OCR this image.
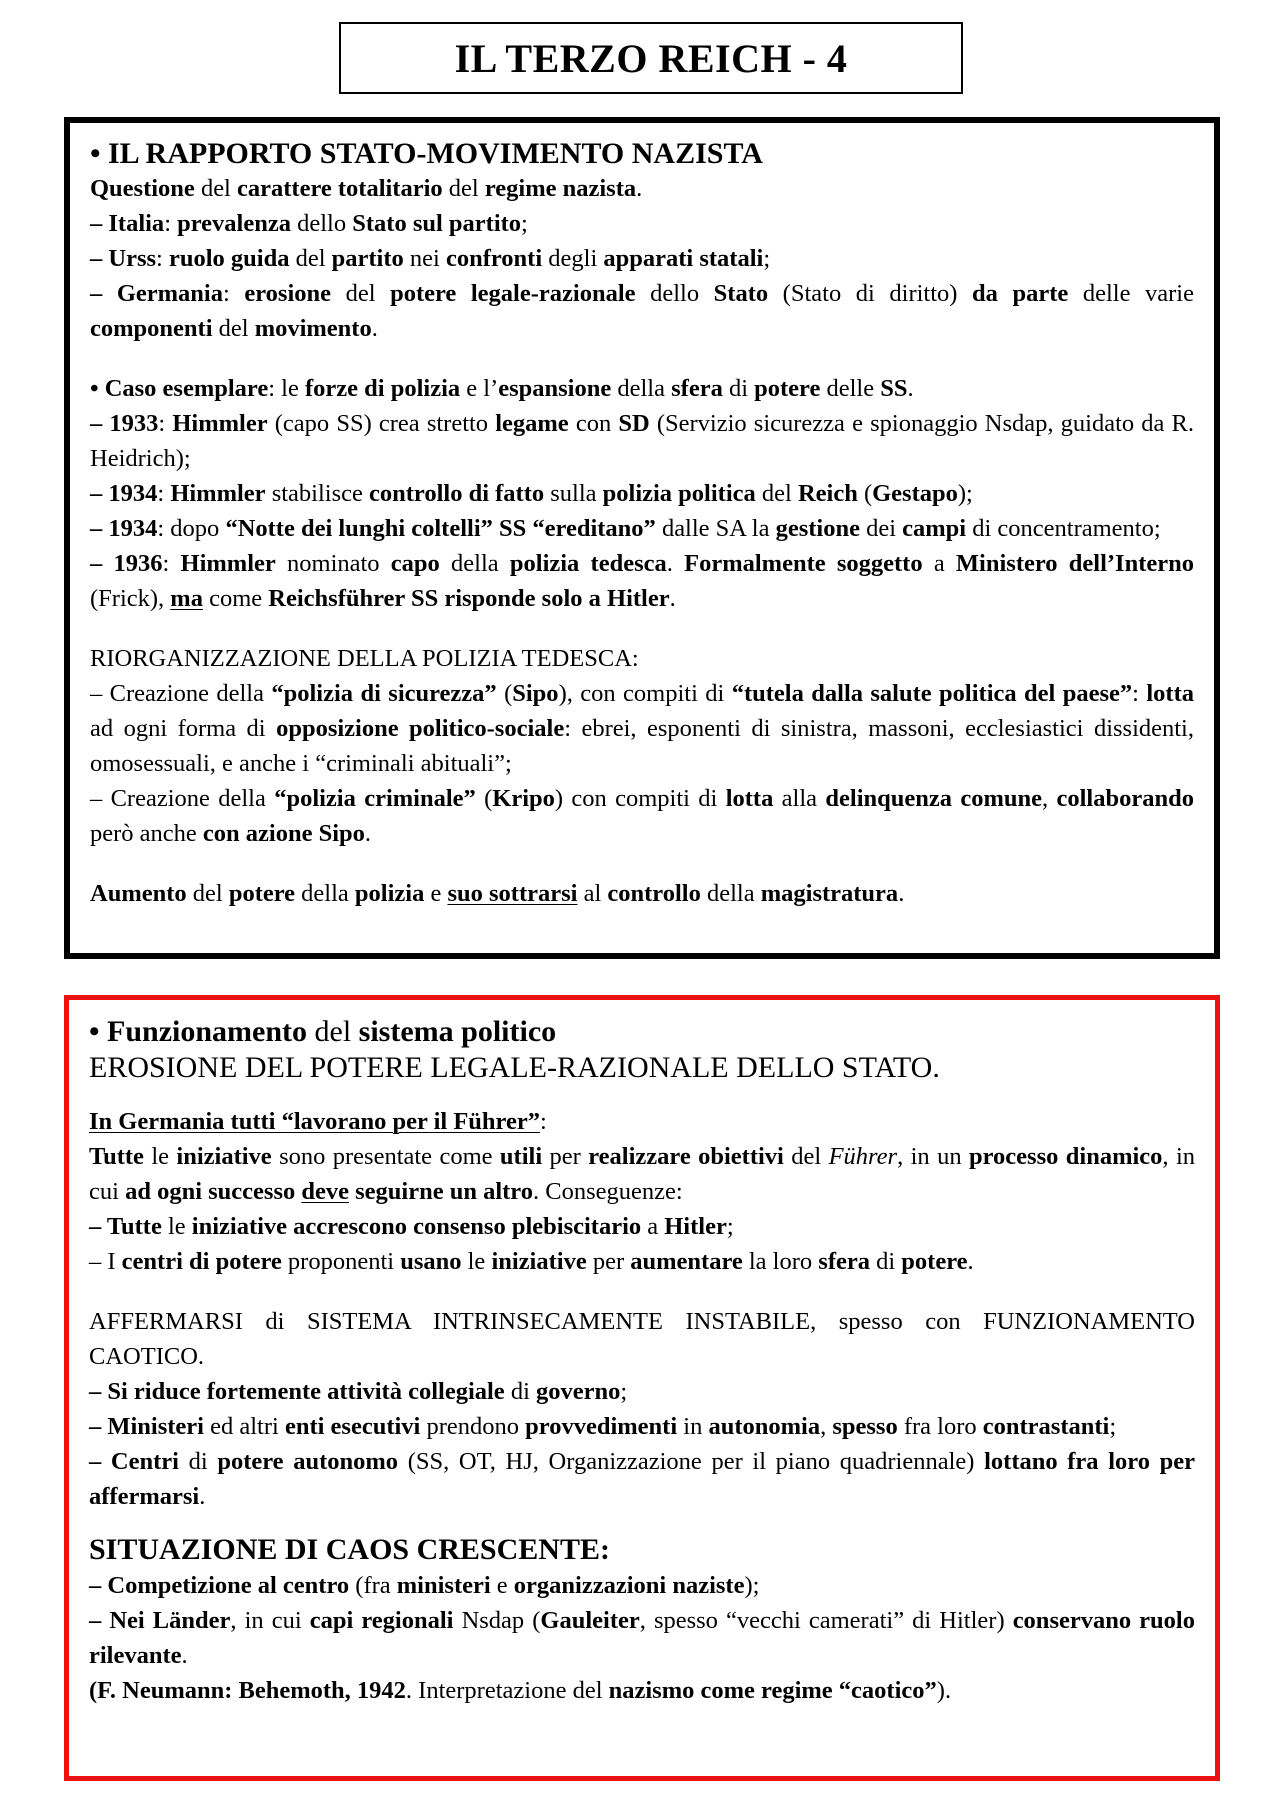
IL TERZO REICH - 4

• IL RAPPORTO STATO-MOVIMENTO NAZISTA

Questione del carattere totalitario del regime nazista.

– Italia: prevalenza dello Stato sul partito;

– Urss: ruolo guida del partito nei confronti degli apparati statali;

– Germania: erosione del potere legale-razionale dello Stato (Stato di diritto) da parte delle varie componenti del movimento.

• Caso esemplare: le forze di polizia e l’espansione della sfera di potere delle SS.

– 1933: Himmler (capo SS) crea stretto legame con SD (Servizio sicurezza e spionaggio Nsdap, guidato da R. Heidrich);

– 1934: Himmler stabilisce controllo di fatto sulla polizia politica del Reich (Gestapo);

– 1934: dopo “Notte dei lunghi coltelli” SS “ereditano” dalle SA la gestione dei campi di concentramento;

– 1936: Himmler nominato capo della polizia tedesca. Formalmente soggetto a Ministero dell’Interno (Frick), ma come Reichsführer SS risponde solo a Hitler.

RIORGANIZZAZIONE DELLA POLIZIA TEDESCA:

– Creazione della “polizia di sicurezza” (Sipo), con compiti di “tutela dalla salute politica del paese”: lotta ad ogni forma di opposizione politico-sociale: ebrei, esponenti di sinistra, massoni, ecclesiastici dissidenti, omosessuali, e anche i “criminali abituali”;

– Creazione della “polizia criminale” (Kripo) con compiti di lotta alla delinquenza comune, collaborando però anche con azione Sipo.

Aumento del potere della polizia e suo sottrarsi al controllo della magistratura.

• Funzionamento del sistema politico

EROSIONE DEL POTERE LEGALE-RAZIONALE DELLO STATO.

In Germania tutti “lavorano per il Führer”:

Tutte le iniziative sono presentate come utili per realizzare obiettivi del Führer, in un processo dinamico, in cui ad ogni successo deve seguirne un altro. Conseguenze:

– Tutte le iniziative accrescono consenso plebiscitario a Hitler;

– I centri di potere proponenti usano le iniziative per aumentare la loro sfera di potere.

AFFERMARSI di SISTEMA INTRINSECAMENTE INSTABILE, spesso con FUNZIONAMENTO CAOTICO.

– Si riduce fortemente attività collegiale di governo;

– Ministeri ed altri enti esecutivi prendono provvedimenti in autonomia, spesso fra loro contrastanti;

– Centri di potere autonomo (SS, OT, HJ, Organizzazione per il piano quadriennale) lottano fra loro per affermarsi.

SITUAZIONE DI CAOS CRESCENTE:

– Competizione al centro (fra ministeri e organizzazioni naziste);

– Nei Länder, in cui capi regionali Nsdap (Gauleiter, spesso “vecchi camerati” di Hitler) conservano ruolo rilevante.

(F. Neumann: Behemoth, 1942. Interpretazione del nazismo come regime “caotico”).
